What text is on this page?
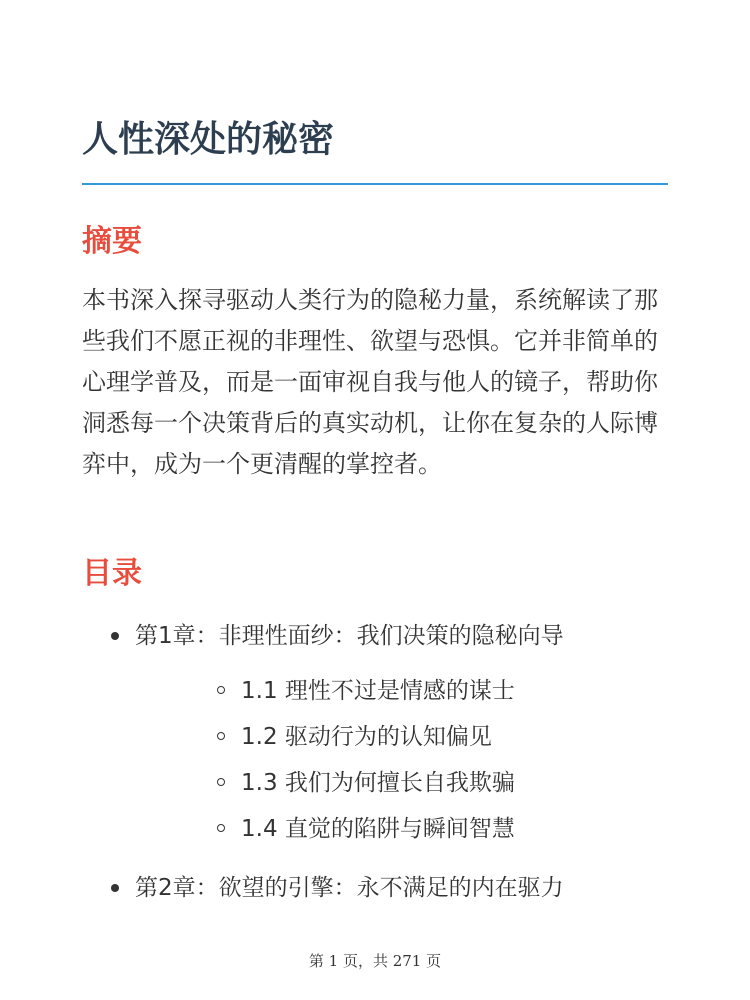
人性深处的秘密
摘要

本书深入探寻驱动人类行为的隐秘力量，系统解读了那些我们不愿正视的非理性、欲望与恐惧。它并非简单的心理学普及，而是一面审视自我与他人的镜子，帮助你洞悉每一个决策背后的真实动机，让你在复杂的人际博弈中，成为一个更清醒的掌控者。

目录
第1章：非理性面纱：我们决策的隐秘向导
1.1 理性不过是情感的谋士
1.2 驱动行为的认知偏见
1.3 我们为何擅长自我欺骗
1.4 直觉的陷阱与瞬间智慧
第2章：欲望的引擎：永不满足的内在驱力
第 1 页，共 271 页
